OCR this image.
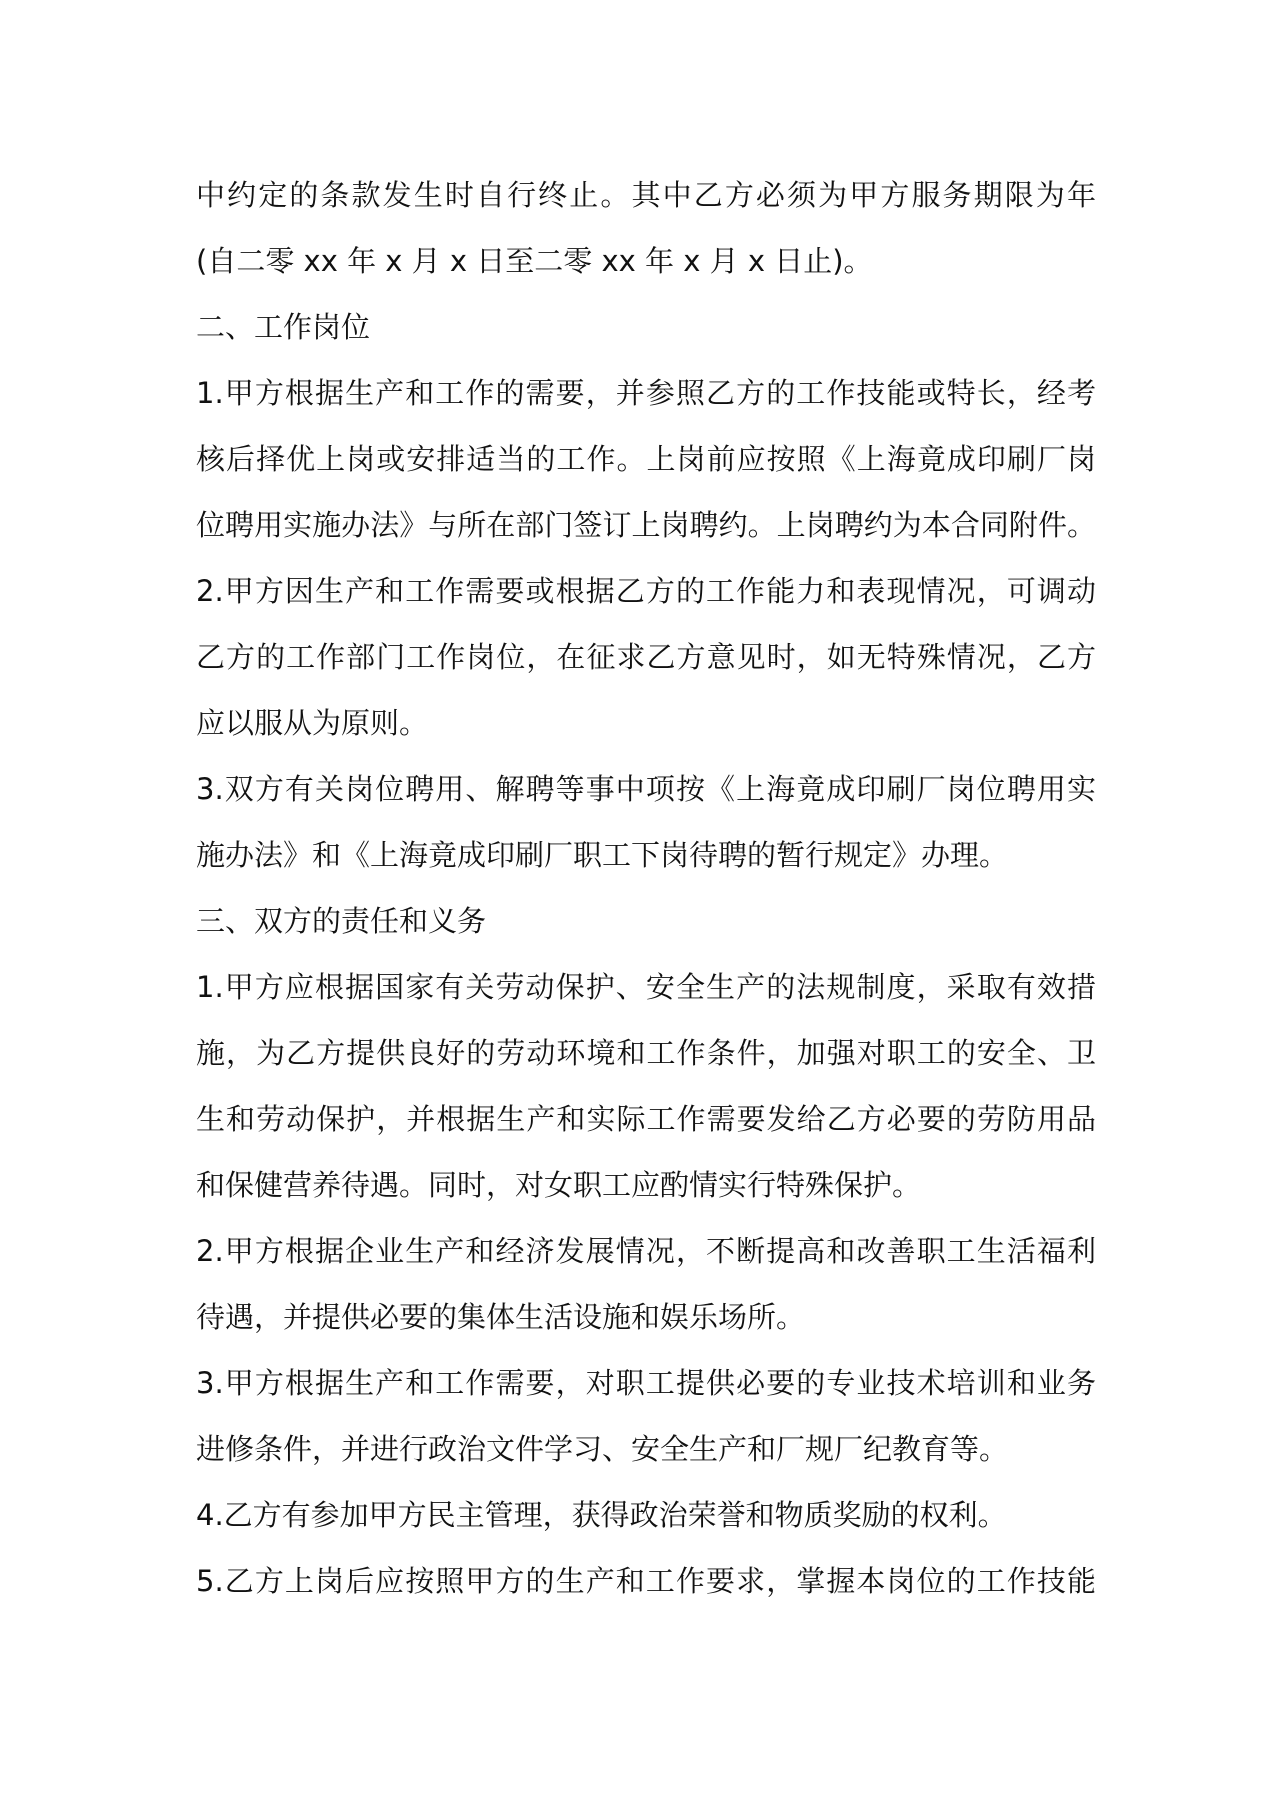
中约定的条款发生时自行终止。其中乙方必须为甲方服务期限为年
(自二零 xx 年 x 月 x 日至二零 xx 年 x 月 x 日止)。
二、工作岗位
1.甲方根据生产和工作的需要，并参照乙方的工作技能或特长，经考
核后择优上岗或安排适当的工作。上岗前应按照《上海竟成印刷厂岗
位聘用实施办法》与所在部门签订上岗聘约。上岗聘约为本合同附件。
2.甲方因生产和工作需要或根据乙方的工作能力和表现情况，可调动
乙方的工作部门工作岗位，在征求乙方意见时，如无特殊情况，乙方
应以服从为原则。
3.双方有关岗位聘用、解聘等事中项按《上海竟成印刷厂岗位聘用实
施办法》和《上海竟成印刷厂职工下岗待聘的暂行规定》办理。
三、双方的责任和义务
1.甲方应根据国家有关劳动保护、安全生产的法规制度，采取有效措
施，为乙方提供良好的劳动环境和工作条件，加强对职工的安全、卫
生和劳动保护，并根据生产和实际工作需要发给乙方必要的劳防用品
和保健营养待遇。同时，对女职工应酌情实行特殊保护。
2.甲方根据企业生产和经济发展情况，不断提高和改善职工生活福利
待遇，并提供必要的集体生活设施和娱乐场所。
3.甲方根据生产和工作需要，对职工提供必要的专业技术培训和业务
进修条件，并进行政治文件学习、安全生产和厂规厂纪教育等。
4.乙方有参加甲方民主管理，获得政治荣誉和物质奖励的权利。
5.乙方上岗后应按照甲方的生产和工作要求，掌握本岗位的工作技能
